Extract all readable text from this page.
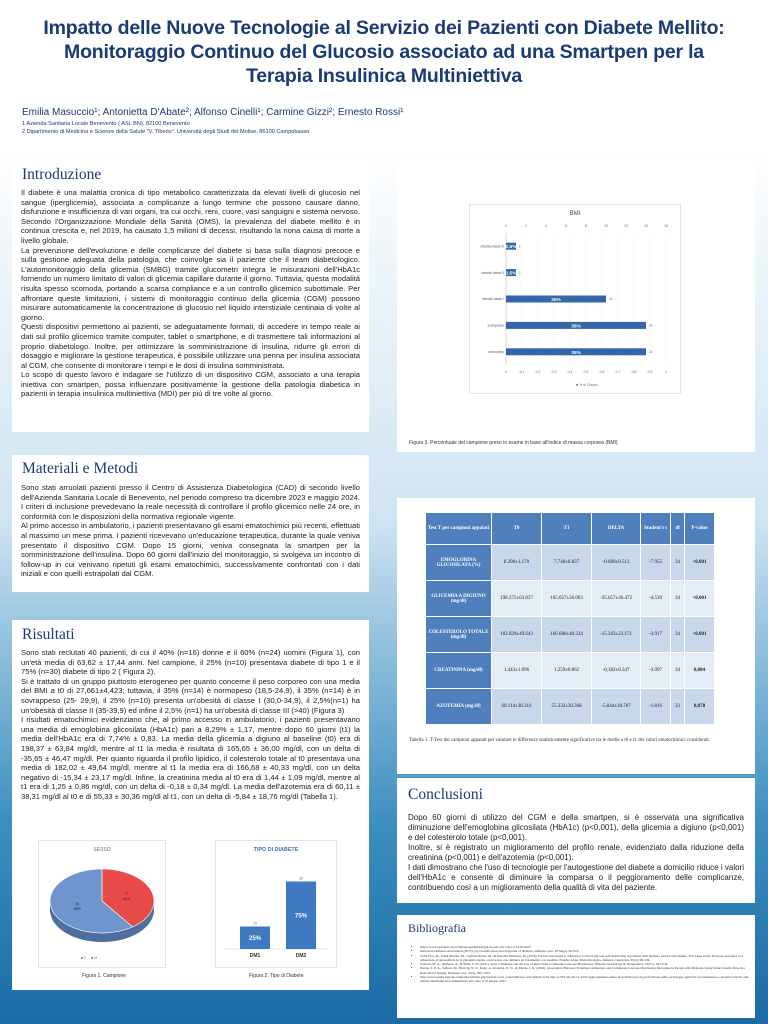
Impatto delle Nuove Tecnologie al Servizio dei Pazienti con Diabete Mellito:
Monitoraggio Continuo del Glucosio associato ad una Smartpen per la
Terapia Insulinica Multiniettiva
Emilia Masuccio¹; Antonietta D'Abate²; Alfonso Cinelli¹; Carmine Gizzi²; Ernesto Rossi¹
1 Azienda Sanitaria Locale Benevento ( ASL BN), 82100 Benevento
2 Dipartimento di Medicina e Scienze della Salute "V. Tiberio". Università degli Studi del Molise, 86100 Campobasso
Introduzione

Il diabete è una malattia cronica di tipo metabolico caratterizzata da elevati livelli di glucosio nel sangue (iperglicemia), associata a complicanze a lungo termine che possono causare danno, disfunzione e insufficienza di vari organi, tra cui occhi, reni, cuore, vasi sanguigni e sistema nervoso. Secondo l'Organizzazione Mondiale della Sanità (OMS), la prevalenza del diabete mellito è in continua crescita e, nel 2019, ha causato 1,5 milioni di decessi, risultando la nona causa di morte a livello globale.

La prevenzione dell'evoluzione e delle complicanze del diabete si basa sulla diagnosi precoce e sulla gestione adeguata della patologia, che coinvolge sia il paziente che il team diabetologico. L'automonitoraggio della glicemia (SMBG) tramite glucometri integra le misurazioni dell'HbA1c fornendo un numero limitato di valori di glicemia capillare durante il giorno. Tuttavia, questa modalità risulta spesso scomoda, portando a scarsa compliance e a un controllo glicemico subottimale. Per affrontare queste limitazioni, i sistemi di monitoraggio continuo della glicemia (CGM) possono misurare automaticamente la concentrazione di glucosio nel liquido interstiziale centinaia di volte al giorno.

Questi dispositivi permettono ai pazienti, se adeguatamente formati, di accedere in tempo reale ai dati sul profilo glicemico tramite computer, tablet o smartphone, e di trasmettere tali informazioni al proprio diabetologo. Inoltre, per ottimizzare la somministrazione di insulina, ridurre gli errori di dosaggio e migliorare la gestione terapeutica, è possibile utilizzare una penna per insulina associata al CGM, che consente di monitorare i tempi e le dosi di insulina somministrata.

Lo scopo di questo lavoro è indagare se l'utilizzo di un dispositivo CGM, associato a una terapia iniettiva con smartpen, possa influenzare positivamente la gestione della patologia diabetica in pazienti in terapia insulinica multiniettiva (MDI) per più di tre volte al giorno.

Materiali e Metodi

Sono stati arruolati pazienti presso il Centro di Assistenza Diabetologica (CAD) di secondo livello dell'Azienda Sanitaria Locale di Benevento, nel periodo compreso tra dicembre 2023 e maggio 2024. I criteri di inclusione prevedevano la reale necessità di controllare il profilo glicemico nelle 24 ore, in conformità con le disposizioni della normativa regionale vigente.

Al primo accesso in ambulatorio, i pazienti presentavano gli esami ematochimici più recenti, effettuati al massimo un mese prima. I pazienti ricevevano un'educazione terapeutica, durante la quale veniva presentato il dispositivo CGM. Dopo 15 giorni, veniva consegnata la smartpen per la somministrazione dell'insulina. Dopo 60 giorni dall'inizio del monitoraggio, si svolgeva un incontro di follow-up in cui venivano ripetuti gli esami ematochimici, successivamente confrontati con i dati iniziali e con quelli estrapolati dal CGM.

Risultati

Sono stati reclutati 40 pazienti, di cui il 40% (n=16) donne e il 60% (n=24) uomini (Figura 1), con un'età media di 63,62 ± 17,44 anni. Nel campione, il 25% (n=10) presentava diabete di tipo 1 e il 75% (n=30) diabete di tipo 2 ( Figura 2).

Si è trattato di un gruppo piuttosto eterogeneo per quanto concerne il peso corporeo con una media del BMI a t0 di 27,661±4,423; tuttavia, il 35% (n=14) è normopeso (18,5-24,9), il 35% (n=14) è in sovrappeso (25- 29,9), il 25% (n=10) presenta un'obesità di classe I (30,0-34,9), il 2,5%(n=1) ha un'obesità di classe II (35-39,9) ed infine il 2,5% (n=1) ha un'obesità di classe III (>40) (Figura 3)

I risultati ematochimici evidenziano che, al primo accesso in ambulatorio, i pazienti presentavano una media di emoglobina glicosilata (HbA1c) pari a 8,29% ± 1,17, mentre dopo 60 giorni (t1) la media dell'HbA1c era di 7,74% ± 0,83. La media della glicemia a digiuno al baseline (t0) era di 198,37 ± 63,84 mg/dl, mentre al t1 la media è risultata di 165,65 ± 36,00 mg/dl, con un delta di -35,65 ± 46,47 mg/dl. Per quanto riguarda il profilo lipidico, il colesterolo totale al t0 presentava una media di 182,02 ± 49,64 mg/dl, mentre al t1 la media era di 166,68 ± 40,33 mg/dl, con un delta negativo di -15,34 ± 23,17 mg/dl. Infine, la creatinina media al t0 era di 1,44 ± 1,09 mg/dl, mentre al t1 era di 1,25 ± 0,86 mg/dl, con un delta di -0,18 ± 0,34 mg/dl. La media dell'azotemia era di 60,11 ± 38,31 mg/dl al t0 e di 55,33 ± 30,36 mg/dl al t1, con un delta di -5,84 ± 18,76 mg/dl (Tabella 1).

SESSO
F
40%
M
60%
■ F ■ M
Figura 1. Campione
TIPO DI DIABETE
25%
10
DM1
75%
30
DM2
Figura 2. Tipo di Diabete
BMI
0	2	4	6	8	10	12	14	16
0	0,1	0,2	0,3	0,4	0,5	0,6	0,7	0,8	0,9	1
normopeso	35%	14
sovrappeso	35%	14
obesità classe I	25%	10
obesità classe II 2,5% 1
obesità classe III 2,5% 1
■ % di Classe
Figura 3. Percentuale del campione preso in esame in base all'indice di massa corporea (BMI)
Test T per campioni appaiati	T0	T1	DELTA	Student's t	df	P-value
EMOGLOBINA GLICOSILATA (%)	8.298±1.170	7,740±0.837	-0.689±0.513	-7.955	34	<0.001
GLICEMIA A DIGIUNO (mg/dl)	198.375±63.837	165.657±36.003	-35.657±46.472	-4.539	34	<0.001
COLESTEROLO TOTALE (mg/dl)	182.029±49.643	166.686±40.334	-15.343±23.171	-3.917	34	<0.001
CREATININA (mg/dl)	1.443±1.096	1.259±0.862	-0,182±0.347	-3.097	34	0,004
AZOTEMIA (mg/dl)	60.114±38.316	55.332±30.368	-5,844±18.767	-1.816	33	0,078
Tabella 1. T-Test dei campioni appaiati per valutare le differenze statisticamente significative tra le medie a t0 e t1 dei valori ematochimici considerati.
Conclusioni

Dopo 60 giorni di utilizzo del CGM e della smartpen, si è osservata una significativa diminuzione dell'emoglobina glicosilata (HbA1c) (p<0,001), della glicemia a digiuno (p<0,001) e del colesterolo totale (p<0,001).

Inoltre, si è registrato un miglioramento del profilo renale, evidenziato dalla riduzione della creatinina (p<0,001) e dell'azotemia (p<0,001).

I dati dimostrano che l'uso di tecnologie per l'autogestione del diabete a domicilio riduce i valori dell'HbA1c e consente di diminuire la comparsa o il peggioramento delle complicanze, contribuendo così a un miglioramento della qualità di vita del paziente.

Bibliografia
• https://www.epicentro.iss.it/diabete/epidemiologia-mondo site visto il 24/10/2023
• American Diabetes Association (2015). (2) Classification and diagnosis of diabetes. Diabetes care, 38 Suppl, S8-S16.
• Vidal Flor, M., Jansà Morató, M., Galindo Rubio, M., & Penalba Martínez, M. (2018). Factors associated to adherence to blood glucose self-monitoring in patients with diabetes treated with insulin. The dApa study. Factores asociados a la adherencia al autoanálisis de la glucemia capilar en personas con diabetes en tratamiento con insulina. Estudio dApa. Endocrinologia, diabetes y nutricion, 65(2), 99-106.
• Jackson, M. A., Ahmann, A., & Shah, V. N. (2021). Type 2 Diabetes and the Use of Real-Time Continuous Glucose Monitoring. Diabetes technology & therapeutics, 23(S1), S27-S34.
• Dunne, T. P. A., Seibert, M., Hartvig, N. V., Kanc, A., Rosabal, N. N., & Mader, J. K. (2024). Association Between Treatment Adherence and Continuous Glucose Monitoring Outcomes in People with Diabetes Using Smart Insulin Pens in a Real-World Setting. Diabetes care, 47(6), 995-1003.
• http://www.sanita.regione.campania.it/index.php?option=com_content&view=article&id=1234 dgrc-n-794-del-29-12-2023-aggiornamento-linee-di-indirizzo-per-la-prescrizione-delle-tecnologie-applicate-al-trattamento-e-all-autocontrollo-del-diabete-mellito&catid=20&Itemid=101 visto il 10 giugno 2024
